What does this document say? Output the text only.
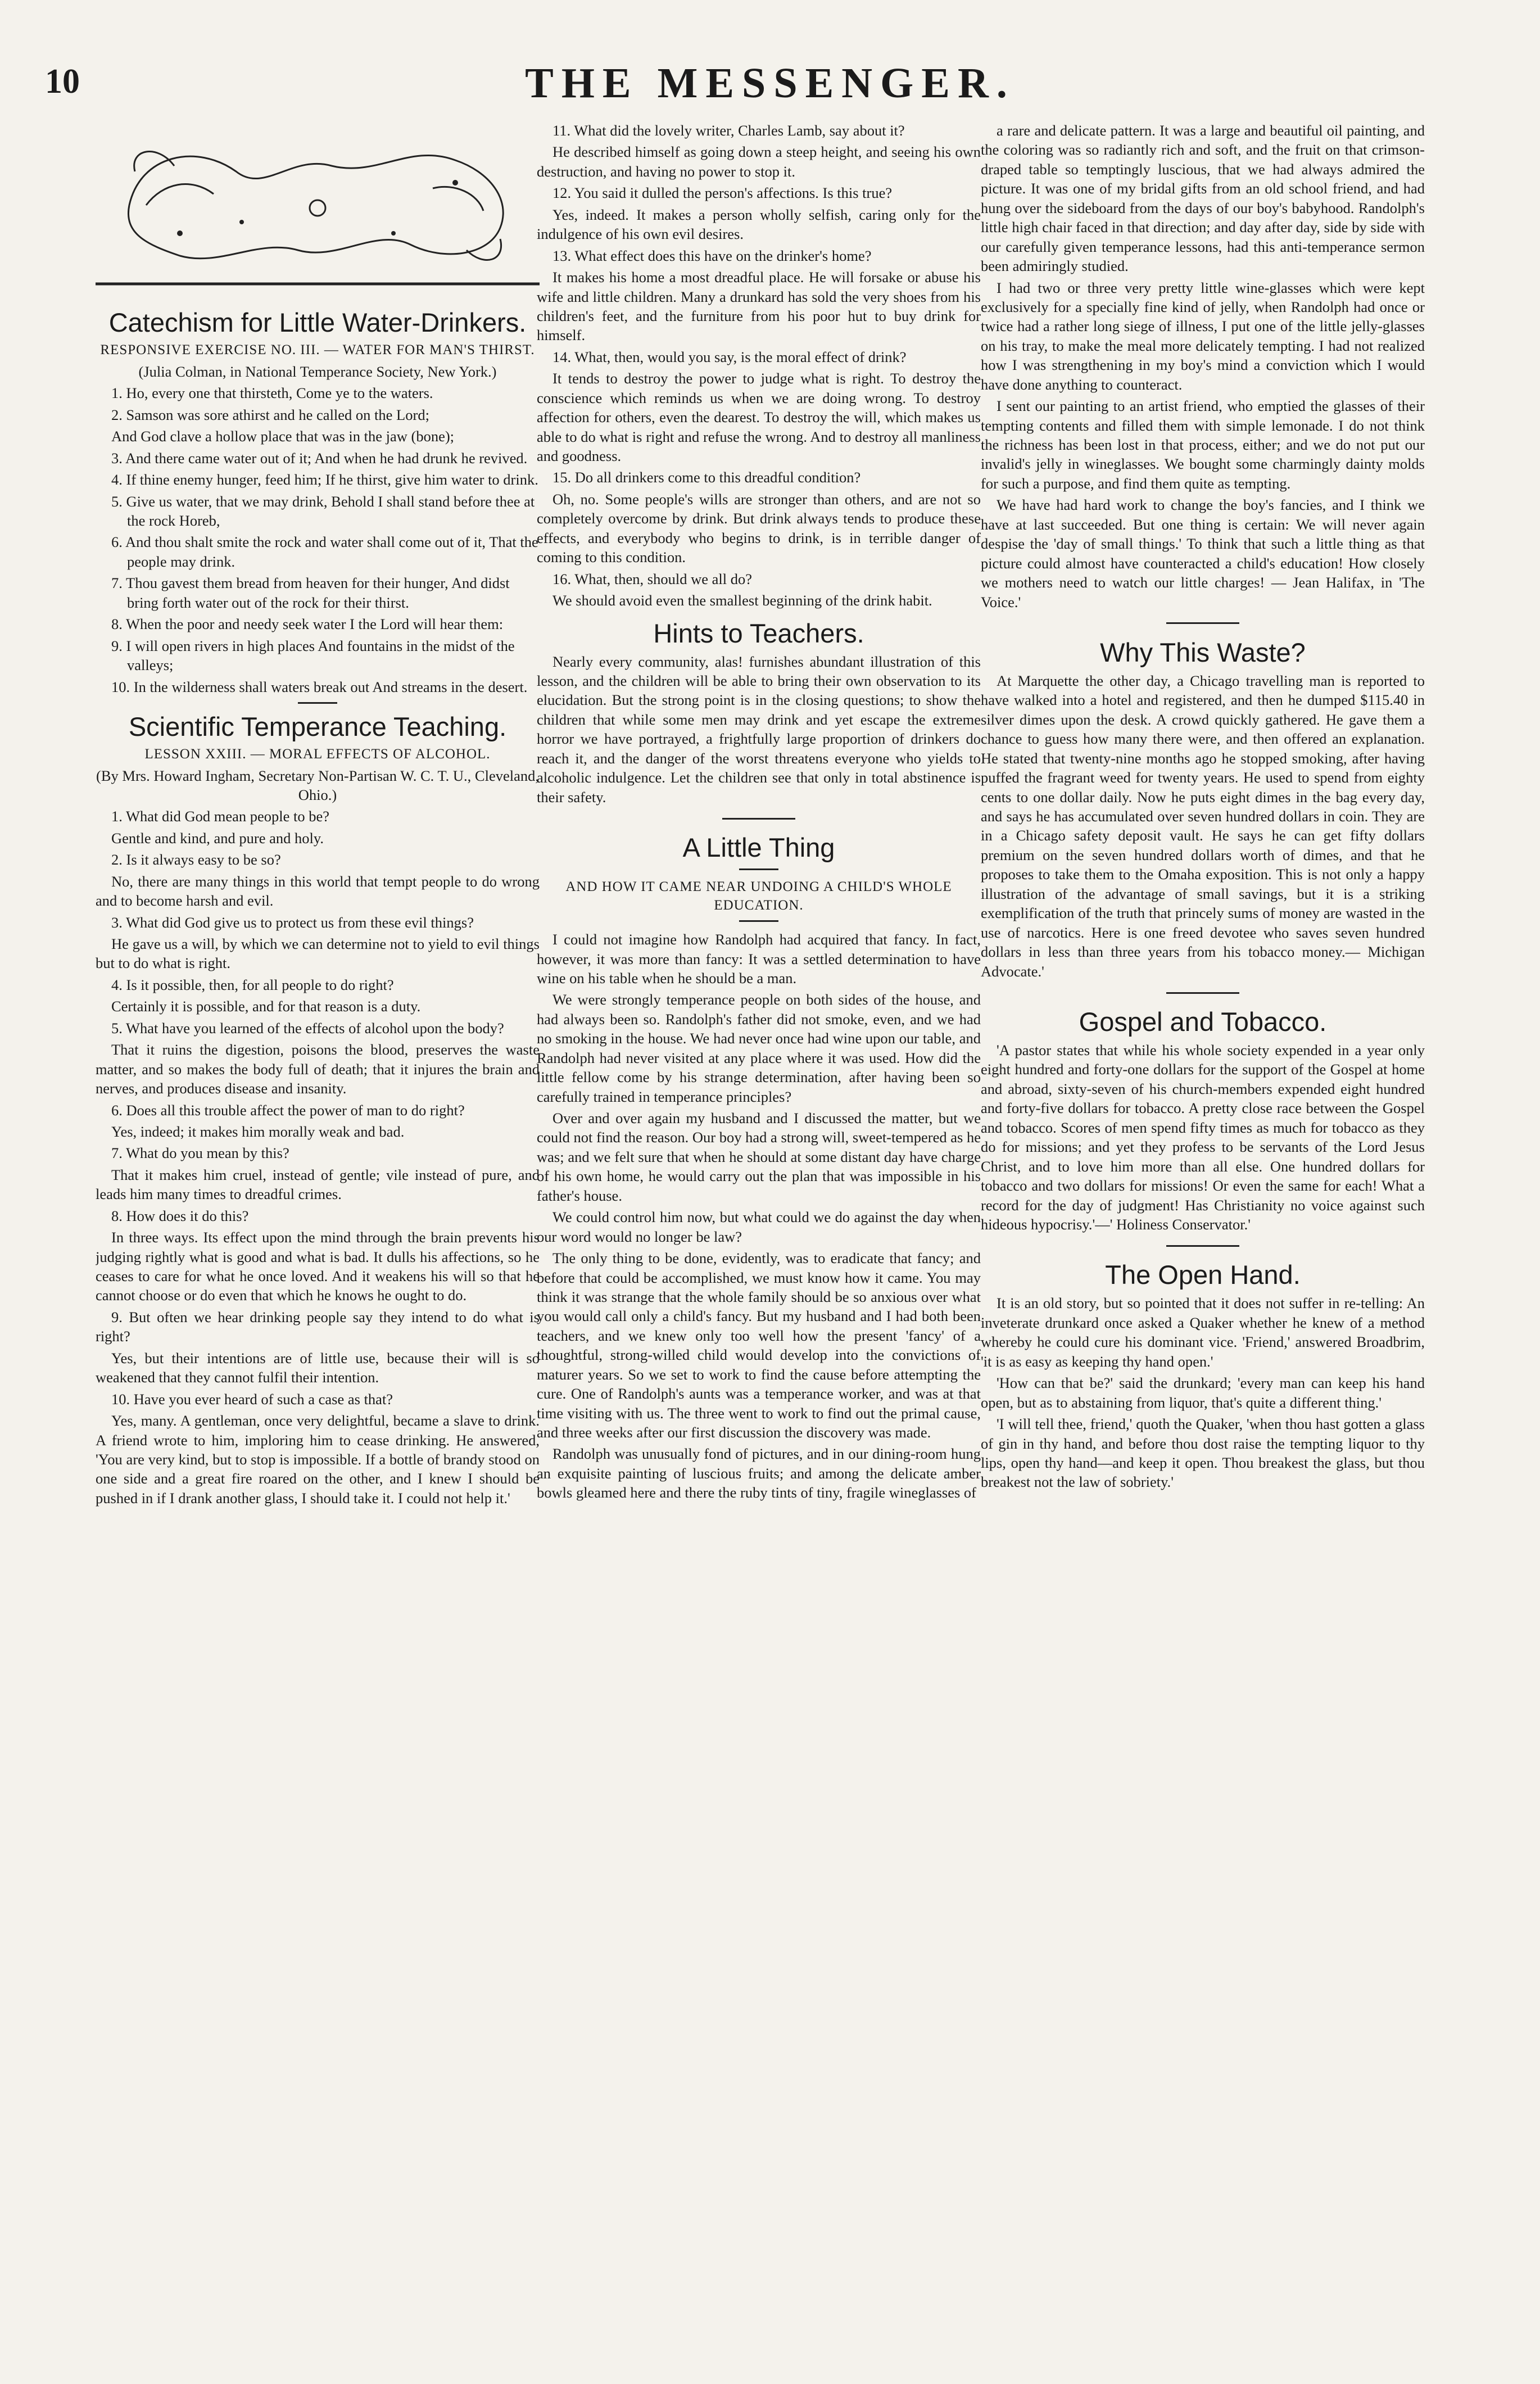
10	THE MESSENGER.
Catechism for Little Water-Drinkers.

RESPONSIVE EXERCISE NO. III. — WATER FOR MAN'S THIRST.

(Julia Colman, in National Temperance Society, New York.)

1. Ho, every one that thirsteth, Come ye to the waters.

2. Samson was sore athirst and he called on the Lord;

And God clave a hollow place that was in the jaw (bone);

3. And there came water out of it; And when he had drunk he revived.

4. If thine enemy hunger, feed him; If he thirst, give him water to drink.

5. Give us water, that we may drink, Behold I shall stand before thee at the rock Horeb,

6. And thou shalt smite the rock and water shall come out of it, That the people may drink.

7. Thou gavest them bread from heaven for their hunger, And didst bring forth water out of the rock for their thirst.

8. When the poor and needy seek water I the Lord will hear them:

9. I will open rivers in high places And fountains in the midst of the valleys;

10. In the wilderness shall waters break out And streams in the desert.

Scientific Temperance Teaching.

LESSON XXIII. — MORAL EFFECTS OF ALCOHOL.

(By Mrs. Howard Ingham, Secretary Non-Partisan W. C. T. U., Cleveland, Ohio.)

1. What did God mean people to be?

Gentle and kind, and pure and holy.

2. Is it always easy to be so?

No, there are many things in this world that tempt people to do wrong and to become harsh and evil.

3. What did God give us to protect us from these evil things?

He gave us a will, by which we can determine not to yield to evil things but to do what is right.

4. Is it possible, then, for all people to do right?

Certainly it is possible, and for that reason is a duty.

5. What have you learned of the effects of alcohol upon the body?

That it ruins the digestion, poisons the blood, preserves the waste matter, and so makes the body full of death; that it injures the brain and nerves, and produces disease and insanity.

6. Does all this trouble affect the power of man to do right?

Yes, indeed; it makes him morally weak and bad.

7. What do you mean by this?

That it makes him cruel, instead of gentle; vile instead of pure, and leads him many times to dreadful crimes.

8. How does it do this?

In three ways. Its effect upon the mind through the brain prevents his judging rightly what is good and what is bad. It dulls his affections, so he ceases to care for what he once loved. And it weakens his will so that he cannot choose or do even that which he knows he ought to do.

9. But often we hear drinking people say they intend to do what is right?

Yes, but their intentions are of little use, because their will is so weakened that they cannot fulfil their intention.

10. Have you ever heard of such a case as that?

Yes, many. A gentleman, once very delightful, became a slave to drink. A friend wrote to him, imploring him to cease drinking. He answered, 'You are very kind, but to stop is impossible. If a bottle of brandy stood on one side and a great fire roared on the other, and I knew I should be pushed in if I drank another glass, I should take it. I could not help it.'

11. What did the lovely writer, Charles Lamb, say about it?

He described himself as going down a steep height, and seeing his own destruction, and having no power to stop it.

12. You said it dulled the person's affections. Is this true?

Yes, indeed. It makes a person wholly selfish, caring only for the indulgence of his own evil desires.

13. What effect does this have on the drinker's home?

It makes his home a most dreadful place. He will forsake or abuse his wife and little children. Many a drunkard has sold the very shoes from his children's feet, and the furniture from his poor hut to buy drink for himself.

14. What, then, would you say, is the moral effect of drink?

It tends to destroy the power to judge what is right. To destroy the conscience which reminds us when we are doing wrong. To destroy affection for others, even the dearest. To destroy the will, which makes us able to do what is right and refuse the wrong. And to destroy all manliness and goodness.

15. Do all drinkers come to this dreadful condition?

Oh, no. Some people's wills are stronger than others, and are not so completely overcome by drink. But drink always tends to produce these effects, and everybody who begins to drink, is in terrible danger of coming to this condition.

16. What, then, should we all do?

We should avoid even the smallest beginning of the drink habit.

Hints to Teachers.

Nearly every community, alas! furnishes abundant illustration of this lesson, and the children will be able to bring their own observation to its elucidation. But the strong point is in the closing questions; to show the children that while some men may drink and yet escape the extreme horror we have portrayed, a frightfully large proportion of drinkers do reach it, and the danger of the worst threatens everyone who yields to alcoholic indulgence. Let the children see that only in total abstinence is their safety.

A Little Thing

AND HOW IT CAME NEAR UNDOING A CHILD'S WHOLE EDUCATION.

I could not imagine how Randolph had acquired that fancy. In fact, however, it was more than fancy: It was a settled determination to have wine on his table when he should be a man.

We were strongly temperance people on both sides of the house, and had always been so. Randolph's father did not smoke, even, and we had no smoking in the house. We had never once had wine upon our table, and Randolph had never visited at any place where it was used. How did the little fellow come by his strange determination, after having been so carefully trained in temperance principles?

Over and over again my husband and I discussed the matter, but we could not find the reason. Our boy had a strong will, sweet-tempered as he was; and we felt sure that when he should at some distant day have charge of his own home, he would carry out the plan that was impossible in his father's house.

We could control him now, but what could we do against the day when our word would no longer be law?

The only thing to be done, evidently, was to eradicate that fancy; and before that could be accomplished, we must know how it came. You may think it was strange that the whole family should be so anxious over what you would call only a child's fancy. But my husband and I had both been teachers, and we knew only too well how the present 'fancy' of a thoughtful, strong-willed child would develop into the convictions of maturer years. So we set to work to find the cause before attempting the cure. One of Randolph's aunts was a temperance worker, and was at that time visiting with us. The three went to work to find out the primal cause, and three weeks after our first discussion the discovery was made.

Randolph was unusually fond of pictures, and in our dining-room hung an exquisite painting of luscious fruits; and among the delicate amber bowls gleamed here and there the ruby tints of tiny, fragile wineglasses of

a rare and delicate pattern. It was a large and beautiful oil painting, and the coloring was so radiantly rich and soft, and the fruit on that crimson-draped table so temptingly luscious, that we had always admired the picture. It was one of my bridal gifts from an old school friend, and had hung over the sideboard from the days of our boy's babyhood. Randolph's little high chair faced in that direction; and day after day, side by side with our carefully given temperance lessons, had this anti-temperance sermon been admiringly studied.

I had two or three very pretty little wine-glasses which were kept exclusively for a specially fine kind of jelly, when Randolph had once or twice had a rather long siege of illness, I put one of the little jelly-glasses on his tray, to make the meal more delicately tempting. I had not realized how I was strengthening in my boy's mind a conviction which I would have done anything to counteract.

I sent our painting to an artist friend, who emptied the glasses of their tempting contents and filled them with simple lemonade. I do not think the richness has been lost in that process, either; and we do not put our invalid's jelly in wineglasses. We bought some charmingly dainty molds for such a purpose, and find them quite as tempting.

We have had hard work to change the boy's fancies, and I think we have at last succeeded. But one thing is certain: We will never again despise the 'day of small things.' To think that such a little thing as that picture could almost have counteracted a child's education! How closely we mothers need to watch our little charges! — Jean Halifax, in 'The Voice.'

Why This Waste?

At Marquette the other day, a Chicago travelling man is reported to have walked into a hotel and registered, and then he dumped $115.40 in silver dimes upon the desk. A crowd quickly gathered. He gave them a chance to guess how many there were, and then offered an explanation. He stated that twenty-nine months ago he stopped smoking, after having puffed the fragrant weed for twenty years. He used to spend from eighty cents to one dollar daily. Now he puts eight dimes in the bag every day, and says he has accumulated over seven hundred dollars in coin. They are in a Chicago safety deposit vault. He says he can get fifty dollars premium on the seven hundred dollars worth of dimes, and that he proposes to take them to the Omaha exposition. This is not only a happy illustration of the advantage of small savings, but it is a striking exemplification of the truth that princely sums of money are wasted in the use of narcotics. Here is one freed devotee who saves seven hundred dollars in less than three years from his tobacco money.— Michigan Advocate.'

Gospel and Tobacco.

'A pastor states that while his whole society expended in a year only eight hundred and forty-one dollars for the support of the Gospel at home and abroad, sixty-seven of his church-members expended eight hundred and forty-five dollars for tobacco. A pretty close race between the Gospel and tobacco. Scores of men spend fifty times as much for tobacco as they do for missions; and yet they profess to be servants of the Lord Jesus Christ, and to love him more than all else. One hundred dollars for tobacco and two dollars for missions! Or even the same for each! What a record for the day of judgment! Has Christianity no voice against such hideous hypocrisy.'—' Holiness Conservator.'

The Open Hand.

It is an old story, but so pointed that it does not suffer in re-telling: An inveterate drunkard once asked a Quaker whether he knew of a method whereby he could cure his dominant vice. 'Friend,' answered Broadbrim, 'it is as easy as keeping thy hand open.'

'How can that be?' said the drunkard; 'every man can keep his hand open, but as to abstaining from liquor, that's quite a different thing.'

'I will tell thee, friend,' quoth the Quaker, 'when thou hast gotten a glass of gin in thy hand, and before thou dost raise the tempting liquor to thy lips, open thy hand—and keep it open. Thou breakest the glass, but thou breakest not the law of sobriety.'
